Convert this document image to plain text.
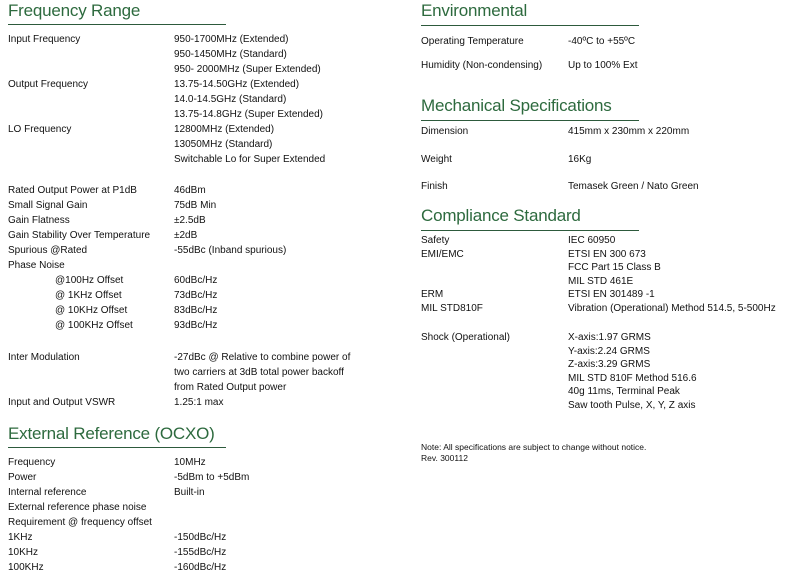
Frequency Range
Input Frequency	950-1700MHz (Extended)
950-1450MHz (Standard)
950- 2000MHz (Super Extended)
Output Frequency	13.75-14.50GHz (Extended)
14.0-14.5GHz (Standard)
13.75-14.8GHz (Super Extended)
LO Frequency	12800MHz (Extended)
13050MHz (Standard)
Switchable Lo for Super Extended
Rated Output Power at P1dB	46dBm
Small Signal Gain	75dB Min
Gain Flatness	±2.5dB
Gain Stability Over Temperature ±2dB
Spurious @Rated	-55dBc (Inband spurious)
Phase Noise
@100Hz Offset	60dBc/Hz
@ 1KHz Offset	73dBc/Hz
@ 10KHz Offset	83dBc/Hz
@ 100KHz Offset	93dBc/Hz
Inter Modulation	-27dBc @ Relative to combine power of
two carriers at 3dB total power backoff
from Rated Output power
Input and Output VSWR	1.25:1 max
External Reference (OCXO)
Frequency	10MHz
Power	-5dBm to +5dBm
Internal reference	Built-in
External reference phase noise
Requirement @ frequency offset
1KHz	-150dBc/Hz
10KHz	-155dBc/Hz
100KHz	-160dBc/Hz
Environmental
Operating Temperature	-40ºC to +55ºC
Humidity (Non-condensing)	Up to 100% Ext
Mechanical Specifications
Dimension	415mm x 230mm x 220mm
Weight	16Kg
Finish	Temasek Green / Nato Green
Compliance Standard
Safety	IEC 60950
EMI/EMC	ETSI EN 300 673
FCC Part 15 Class B
MIL STD 461E
ERM	ETSI EN 301489 -1
MIL STD810F	Vibration (Operational) Method 514.5, 5-500Hz
Shock (Operational)	X-axis:1.97 GRMS
Y-axis:2.24 GRMS
Z-axis:3.29 GRMS
MIL STD 810F Method 516.6
40g 11ms, Terminal Peak
Saw tooth Pulse, X, Y, Z axis
Note: All specifications are subject to change without notice.
Rev. 300112
